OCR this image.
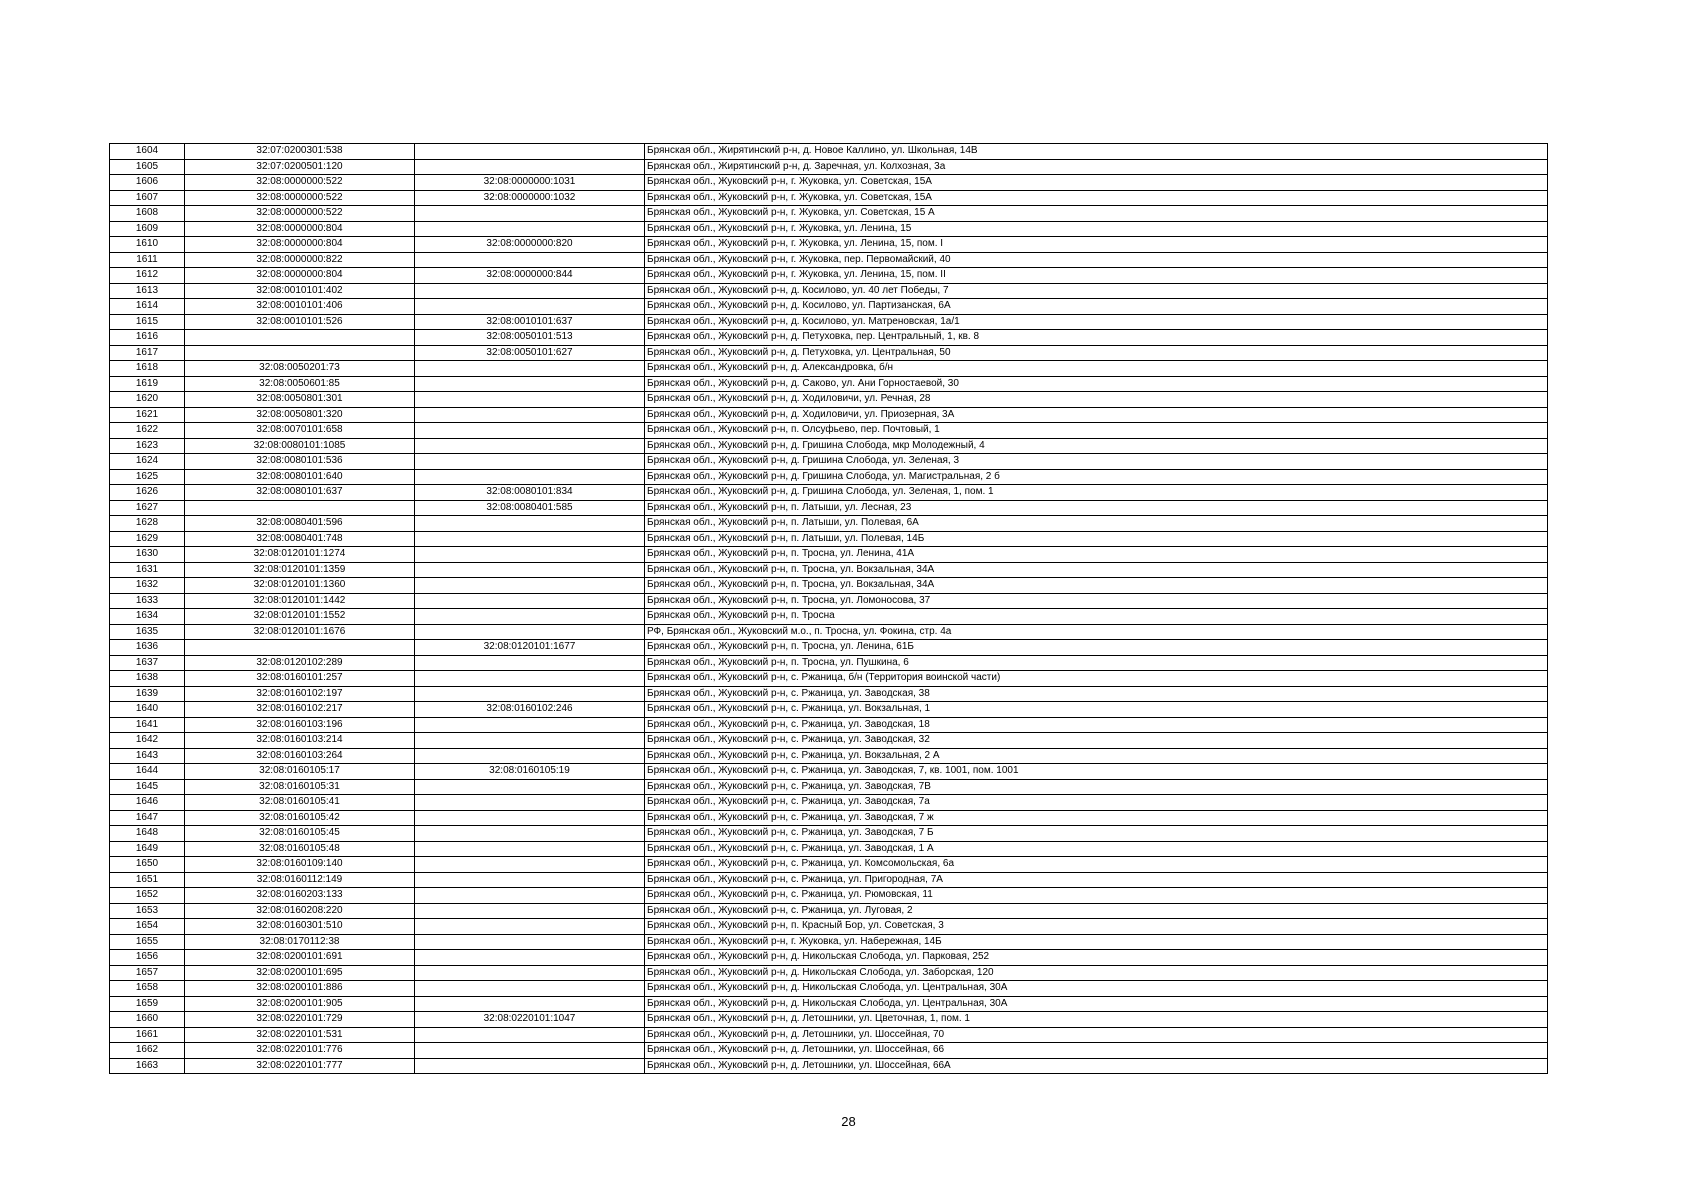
1604	32:07:0200301:538		Брянская обл., Жирятинский р-н, д. Новое Каллино, ул. Школьная, 14В
1605	32:07:0200501:120		Брянская обл., Жирятинский р-н, д. Заречная, ул. Колхозная, 3а
1606	32:08:0000000:522	32:08:0000000:1031	Брянская обл., Жуковский р-н, г. Жуковка, ул. Советская, 15А
1607	32:08:0000000:522	32:08:0000000:1032	Брянская обл., Жуковский р-н, г. Жуковка, ул. Советская, 15А
1608	32:08:0000000:522		Брянская обл., Жуковский р-н, г. Жуковка, ул. Советская, 15 А
1609	32:08:0000000:804		Брянская обл., Жуковский р-н, г. Жуковка, ул. Ленина, 15
1610	32:08:0000000:804	32:08:0000000:820	Брянская обл., Жуковский р-н, г. Жуковка, ул. Ленина, 15, пом. I
1611	32:08:0000000:822		Брянская обл., Жуковский р-н, г. Жуковка, пер. Первомайский, 40
1612	32:08:0000000:804	32:08:0000000:844	Брянская обл., Жуковский р-н, г. Жуковка, ул. Ленина, 15, пом. II
1613	32:08:0010101:402		Брянская обл., Жуковский р-н, д. Косилово, ул. 40 лет Победы, 7
1614	32:08:0010101:406		Брянская обл., Жуковский р-н, д. Косилово, ул. Партизанская, 6А
1615	32:08:0010101:526	32:08:0010101:637	Брянская обл., Жуковский р-н, д. Косилово, ул. Матреновская, 1а/1
1616		32:08:0050101:513	Брянская обл., Жуковский р-н, д. Петуховка, пер. Центральный, 1, кв. 8
1617		32:08:0050101:627	Брянская обл., Жуковский р-н, д. Петуховка, ул. Центральная, 50
1618	32:08:0050201:73		Брянская обл., Жуковский р-н, д. Александровка, б/н
1619	32:08:0050601:85		Брянская обл., Жуковский р-н, д. Саково, ул. Ани Горностаевой, 30
1620	32:08:0050801:301		Брянская обл., Жуковский р-н, д. Ходиловичи, ул. Речная, 28
1621	32:08:0050801:320		Брянская обл., Жуковский р-н, д. Ходиловичи, ул. Приозерная, 3А
1622	32:08:0070101:658		Брянская обл., Жуковский р-н, п. Олсуфьево, пер. Почтовый, 1
1623	32:08:0080101:1085		Брянская обл., Жуковский р-н, д. Гришина Слобода, мкр Молодежный, 4
1624	32:08:0080101:536		Брянская обл., Жуковский р-н, д. Гришина Слобода, ул. Зеленая, 3
1625	32:08:0080101:640		Брянская обл., Жуковский р-н, д. Гришина Слобода, ул. Магистральная, 2 б
1626	32:08:0080101:637	32:08:0080101:834	Брянская обл., Жуковский р-н, д. Гришина Слобода, ул. Зеленая, 1, пом. 1
1627		32:08:0080401:585	Брянская обл., Жуковский р-н, п. Латыши, ул. Лесная, 23
1628	32:08:0080401:596		Брянская обл., Жуковский р-н, п. Латыши, ул. Полевая, 6А
1629	32:08:0080401:748		Брянская обл., Жуковский р-н, п. Латыши, ул. Полевая, 14Б
1630	32:08:0120101:1274		Брянская обл., Жуковский р-н, п. Тросна, ул. Ленина, 41А
1631	32:08:0120101:1359		Брянская обл., Жуковский р-н, п. Тросна, ул. Вокзальная, 34А
1632	32:08:0120101:1360		Брянская обл., Жуковский р-н, п. Тросна, ул. Вокзальная, 34А
1633	32:08:0120101:1442		Брянская обл., Жуковский р-н, п. Тросна, ул. Ломоносова, 37
1634	32:08:0120101:1552		Брянская обл., Жуковский р-н, п. Тросна
1635	32:08:0120101:1676		РФ, Брянская обл., Жуковский м.о., п. Тросна, ул. Фокина, стр. 4а
1636		32:08:0120101:1677	Брянская обл., Жуковский р-н, п. Тросна, ул. Ленина, 61Б
1637	32:08:0120102:289		Брянская обл., Жуковский р-н, п. Тросна, ул. Пушкина, 6
1638	32:08:0160101:257		Брянская обл., Жуковский р-н, с. Ржаница, б/н (Территория воинской части)
1639	32:08:0160102:197		Брянская обл., Жуковский р-н, с. Ржаница, ул. Заводская, 38
1640	32:08:0160102:217	32:08:0160102:246	Брянская обл., Жуковский р-н, с. Ржаница, ул. Вокзальная, 1
1641	32:08:0160103:196		Брянская обл., Жуковский р-н, с. Ржаница, ул. Заводская, 18
1642	32:08:0160103:214		Брянская обл., Жуковский р-н, с. Ржаница, ул. Заводская, 32
1643	32:08:0160103:264		Брянская обл., Жуковский р-н, с. Ржаница, ул. Вокзальная, 2 А
1644	32:08:0160105:17	32:08:0160105:19	Брянская обл., Жуковский р-н, с. Ржаница, ул. Заводская, 7, кв. 1001, пом. 1001
1645	32:08:0160105:31		Брянская обл., Жуковский р-н, с. Ржаница, ул. Заводская, 7В
1646	32:08:0160105:41		Брянская обл., Жуковский р-н, с. Ржаница, ул. Заводская, 7а
1647	32:08:0160105:42		Брянская обл., Жуковский р-н, с. Ржаница, ул. Заводская, 7 ж
1648	32:08:0160105:45		Брянская обл., Жуковский р-н, с. Ржаница, ул. Заводская, 7 Б
1649	32:08:0160105:48		Брянская обл., Жуковский р-н, с. Ржаница, ул. Заводская, 1 А
1650	32:08:0160109:140		Брянская обл., Жуковский р-н, с. Ржаница, ул. Комсомольская, 6а
1651	32:08:0160112:149		Брянская обл., Жуковский р-н, с. Ржаница, ул. Пригородная, 7А
1652	32:08:0160203:133		Брянская обл., Жуковский р-н, с. Ржаница, ул. Рюмовская, 11
1653	32:08:0160208:220		Брянская обл., Жуковский р-н, с. Ржаница, ул. Луговая, 2
1654	32:08:0160301:510		Брянская обл., Жуковский р-н, п. Красный Бор, ул. Советская, 3
1655	32:08:0170112:38		Брянская обл., Жуковский р-н, г. Жуковка, ул. Набережная, 14Б
1656	32:08:0200101:691		Брянская обл., Жуковский р-н, д. Никольская Слобода, ул. Парковая, 252
1657	32:08:0200101:695		Брянская обл., Жуковский р-н, д. Никольская Слобода, ул. Заборская, 120
1658	32:08:0200101:886		Брянская обл., Жуковский р-н, д. Никольская Слобода, ул. Центральная, 30А
1659	32:08:0200101:905		Брянская обл., Жуковский р-н, д. Никольская Слобода, ул. Центральная, 30А
1660	32:08:0220101:729	32:08:0220101:1047	Брянская обл., Жуковский р-н, д. Летошники, ул. Цветочная, 1, пом. 1
1661	32:08:0220101:531		Брянская обл., Жуковский р-н, д. Летошники, ул. Шоссейная, 70
1662	32:08:0220101:776		Брянская обл., Жуковский р-н, д. Летошники, ул. Шоссейная, 66
1663	32:08:0220101:777		Брянская обл., Жуковский р-н, д. Летошники, ул. Шоссейная, 66А
28
